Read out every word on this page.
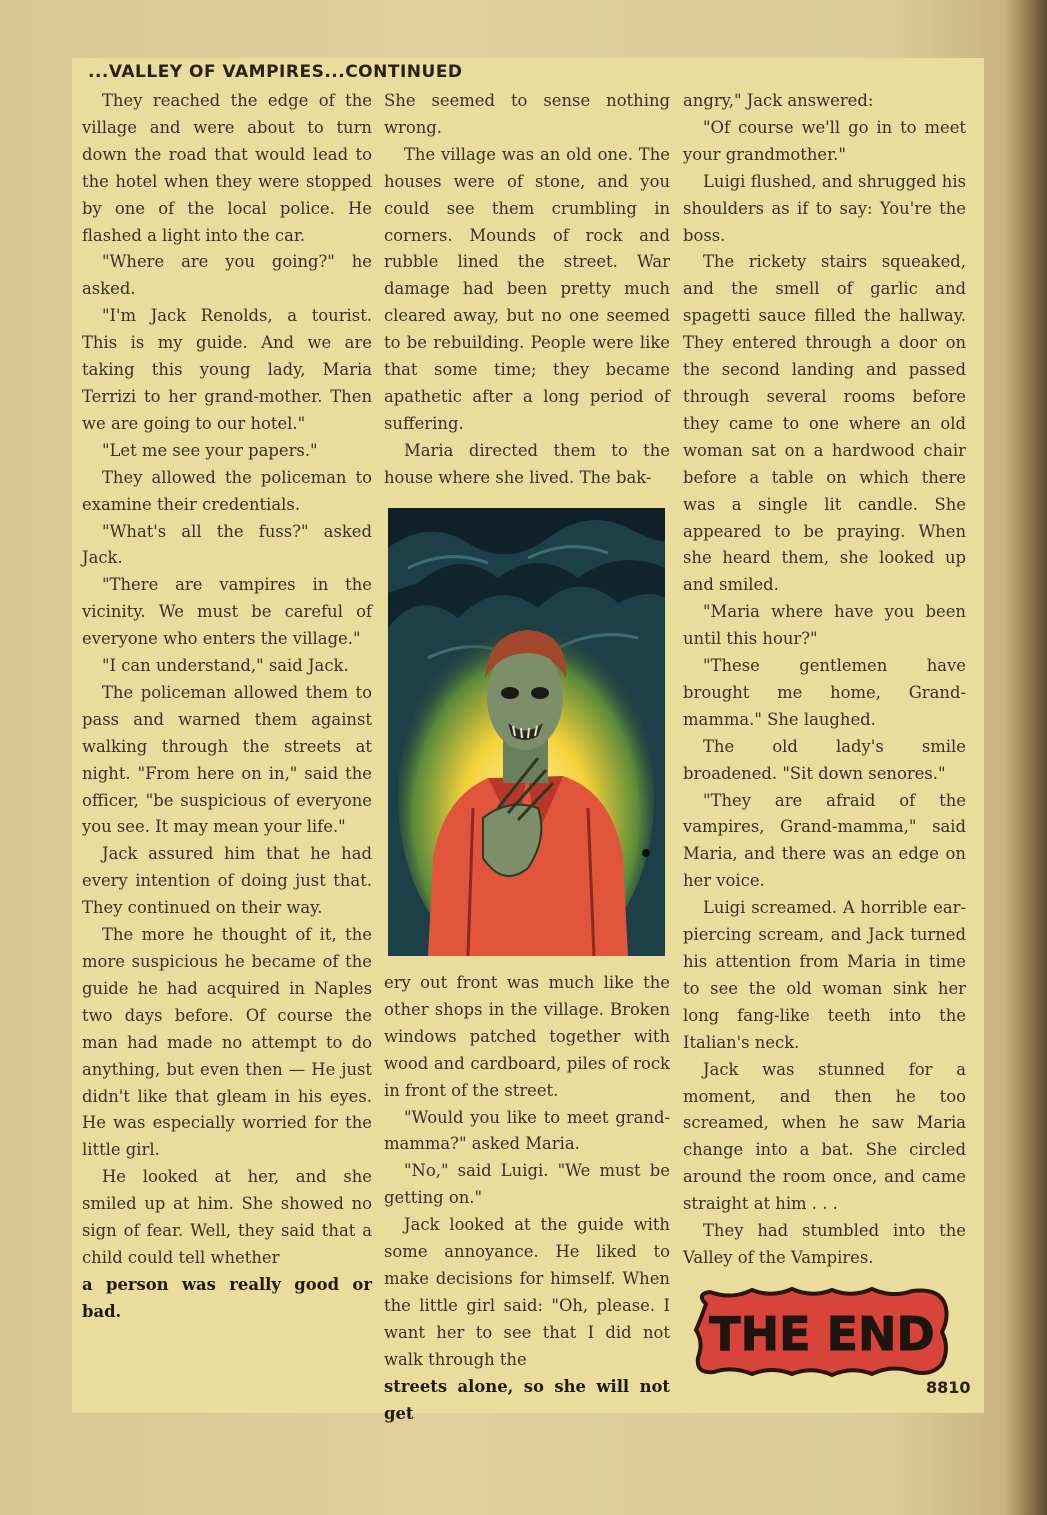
...VALLEY OF VAMPIRES...CONTINUED

They reached the edge of the village and were about to turn down the road that would lead to the hotel when they were stopped by one of the local police. He flashed a light into the car.

"Where are you going?" he asked.

"I'm Jack Renolds, a tourist. This is my guide. And we are taking this young lady, Maria Terrizi to her grand-mother. Then we are going to our hotel."

"Let me see your papers."

They allowed the policeman to examine their credentials.

"What's all the fuss?" asked Jack.

"There are vampires in the vicinity. We must be careful of everyone who enters the village."

"I can understand," said Jack.

The policeman allowed them to pass and warned them against walking through the streets at night. "From here on in," said the officer, "be suspicious of everyone you see. It may mean your life."

Jack assured him that he had every intention of doing just that. They continued on their way.

The more he thought of it, the more suspicious he became of the guide he had acquired in Naples two days before. Of course the man had made no attempt to do anything, but even then — He just didn't like that gleam in his eyes. He was especially worried for the little girl.

He looked at her, and she smiled up at him. She showed no sign of fear. Well, they said that a child could tell whether

a person was really good or bad.

She seemed to sense nothing wrong.

The village was an old one. The houses were of stone, and you could see them crumbling in corners. Mounds of rock and rubble lined the street. War damage had been pretty much cleared away, but no one seemed to be rebuilding. People were like that some time; they became apathetic after a long period of suffering.

Maria directed them to the house where she lived. The bak-

ery out front was much like the other shops in the village. Broken windows patched together with wood and cardboard, piles of rock in front of the street.

"Would you like to meet grand-mamma?" asked Maria.

"No," said Luigi. "We must be getting on."

Jack looked at the guide with some annoyance. He liked to make decisions for himself. When the little girl said: "Oh, please. I want her to see that I did not walk through the

streets alone, so she will not get

angry," Jack answered:

"Of course we'll go in to meet your grandmother."

Luigi flushed, and shrugged his shoulders as if to say: You're the boss.

The rickety stairs squeaked, and the smell of garlic and spagetti sauce filled the hallway. They entered through a door on the second landing and passed through several rooms before they came to one where an old woman sat on a hardwood chair before a table on which there was a single lit candle. She appeared to be praying. When she heard them, she looked up and smiled.

"Maria where have you been until this hour?"

"These gentlemen have brought me home, Grand-mamma." She laughed.

The old lady's smile broadened. "Sit down senores."

"They are afraid of the vampires, Grand-mamma," said Maria, and there was an edge on her voice.

Luigi screamed. A horrible ear-piercing scream, and Jack turned his attention from Maria in time to see the old woman sink her long fang-like teeth into the Italian's neck.

Jack was stunned for a moment, and then he too screamed, when he saw Maria change into a bat. She circled around the room once, and came straight at him . . .

They had stumbled into the Valley of the Vampires.

THE END
8810
